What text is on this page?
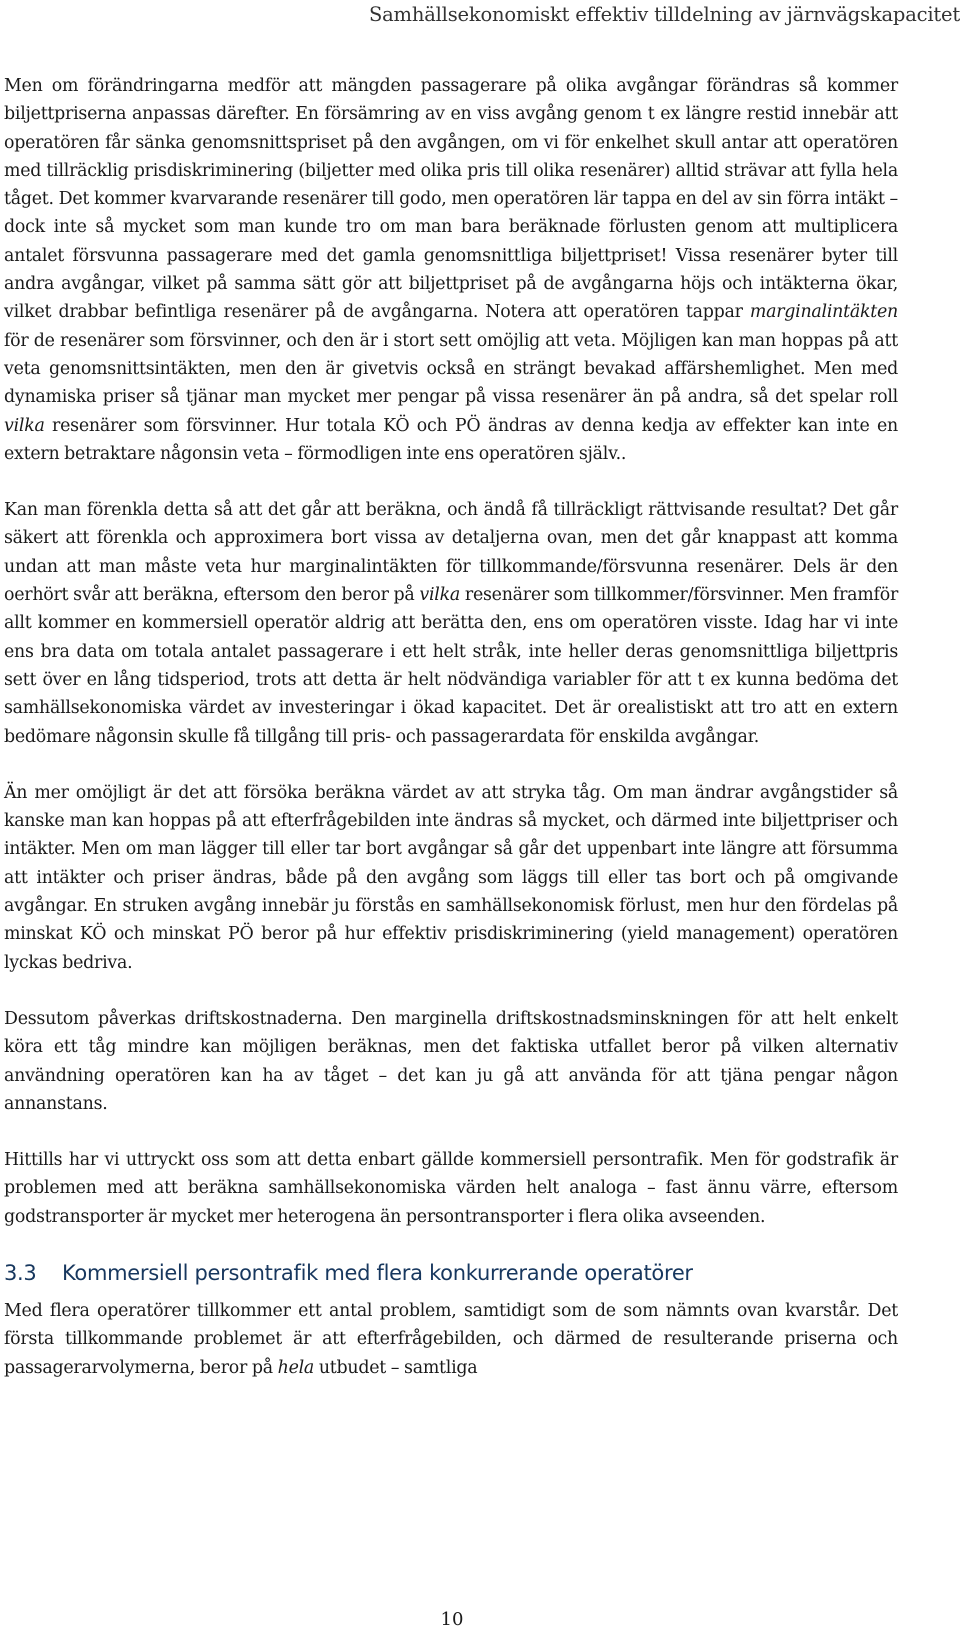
Samhällsekonomiskt effektiv tilldelning av järnvägskapacitet

Men om förändringarna medför att mängden passagerare på olika avgångar förändras så kommer biljettpriserna anpassas därefter. En försämring av en viss avgång genom t ex längre restid innebär att operatören får sänka genomsnittspriset på den avgången, om vi för enkelhet skull antar att operatören med tillräcklig prisdiskriminering (biljetter med olika pris till olika resenärer) alltid strävar att fylla hela tåget. Det kommer kvarvarande resenärer till godo, men operatören lär tappa en del av sin förra intäkt – dock inte så mycket som man kunde tro om man bara beräknade förlusten genom att multiplicera antalet försvunna passagerare med det gamla genomsnittliga biljettpriset! Vissa resenärer byter till andra avgångar, vilket på samma sätt gör att biljettpriset på de avgångarna höjs och intäkterna ökar, vilket drabbar befintliga resenärer på de avgångarna. Notera att operatören tappar marginalintäkten för de resenärer som försvinner, och den är i stort sett omöjlig att veta. Möjligen kan man hoppas på att veta genomsnittsintäkten, men den är givetvis också en strängt bevakad affärshemlighet. Men med dynamiska priser så tjänar man mycket mer pengar på vissa resenärer än på andra, så det spelar roll vilka resenärer som försvinner. Hur totala KÖ och PÖ ändras av denna kedja av effekter kan inte en extern betraktare någonsin veta – förmodligen inte ens operatören själv..

Kan man förenkla detta så att det går att beräkna, och ändå få tillräckligt rättvisande resultat? Det går säkert att förenkla och approximera bort vissa av detaljerna ovan, men det går knappast att komma undan att man måste veta hur marginalintäkten för tillkommande/försvunna resenärer. Dels är den oerhört svår att beräkna, eftersom den beror på vilka resenärer som tillkommer/försvinner. Men framför allt kommer en kommersiell operatör aldrig att berätta den, ens om operatören visste. Idag har vi inte ens bra data om totala antalet passagerare i ett helt stråk, inte heller deras genomsnittliga biljettpris sett över en lång tidsperiod, trots att detta är helt nödvändiga variabler för att t ex kunna bedöma det samhällsekonomiska värdet av investeringar i ökad kapacitet. Det är orealistiskt att tro att en extern bedömare någonsin skulle få tillgång till pris- och passagerardata för enskilda avgångar.

Än mer omöjligt är det att försöka beräkna värdet av att stryka tåg. Om man ändrar avgångstider så kanske man kan hoppas på att efterfrågebilden inte ändras så mycket, och därmed inte biljettpriser och intäkter. Men om man lägger till eller tar bort avgångar så går det uppenbart inte längre att försumma att intäkter och priser ändras, både på den avgång som läggs till eller tas bort och på omgivande avgångar. En struken avgång innebär ju förstås en samhällsekonomisk förlust, men hur den fördelas på minskat KÖ och minskat PÖ beror på hur effektiv prisdiskriminering (yield management) operatören lyckas bedriva.

Dessutom påverkas driftskostnaderna. Den marginella driftskostnadsminskningen för att helt enkelt köra ett tåg mindre kan möjligen beräknas, men det faktiska utfallet beror på vilken alternativ användning operatören kan ha av tåget – det kan ju gå att använda för att tjäna pengar någon annanstans.

Hittills har vi uttryckt oss som att detta enbart gällde kommersiell persontrafik. Men för godstrafik är problemen med att beräkna samhällsekonomiska värden helt analoga – fast ännu värre, eftersom godstransporter är mycket mer heterogena än persontransporter i flera olika avseenden.

3.3 Kommersiell persontrafik med flera konkurrerande operatörer

Med flera operatörer tillkommer ett antal problem, samtidigt som de som nämnts ovan kvarstår. Det första tillkommande problemet är att efterfrågebilden, och därmed de resulterande priserna och passagerarvolymerna, beror på hela utbudet – samtliga

10
